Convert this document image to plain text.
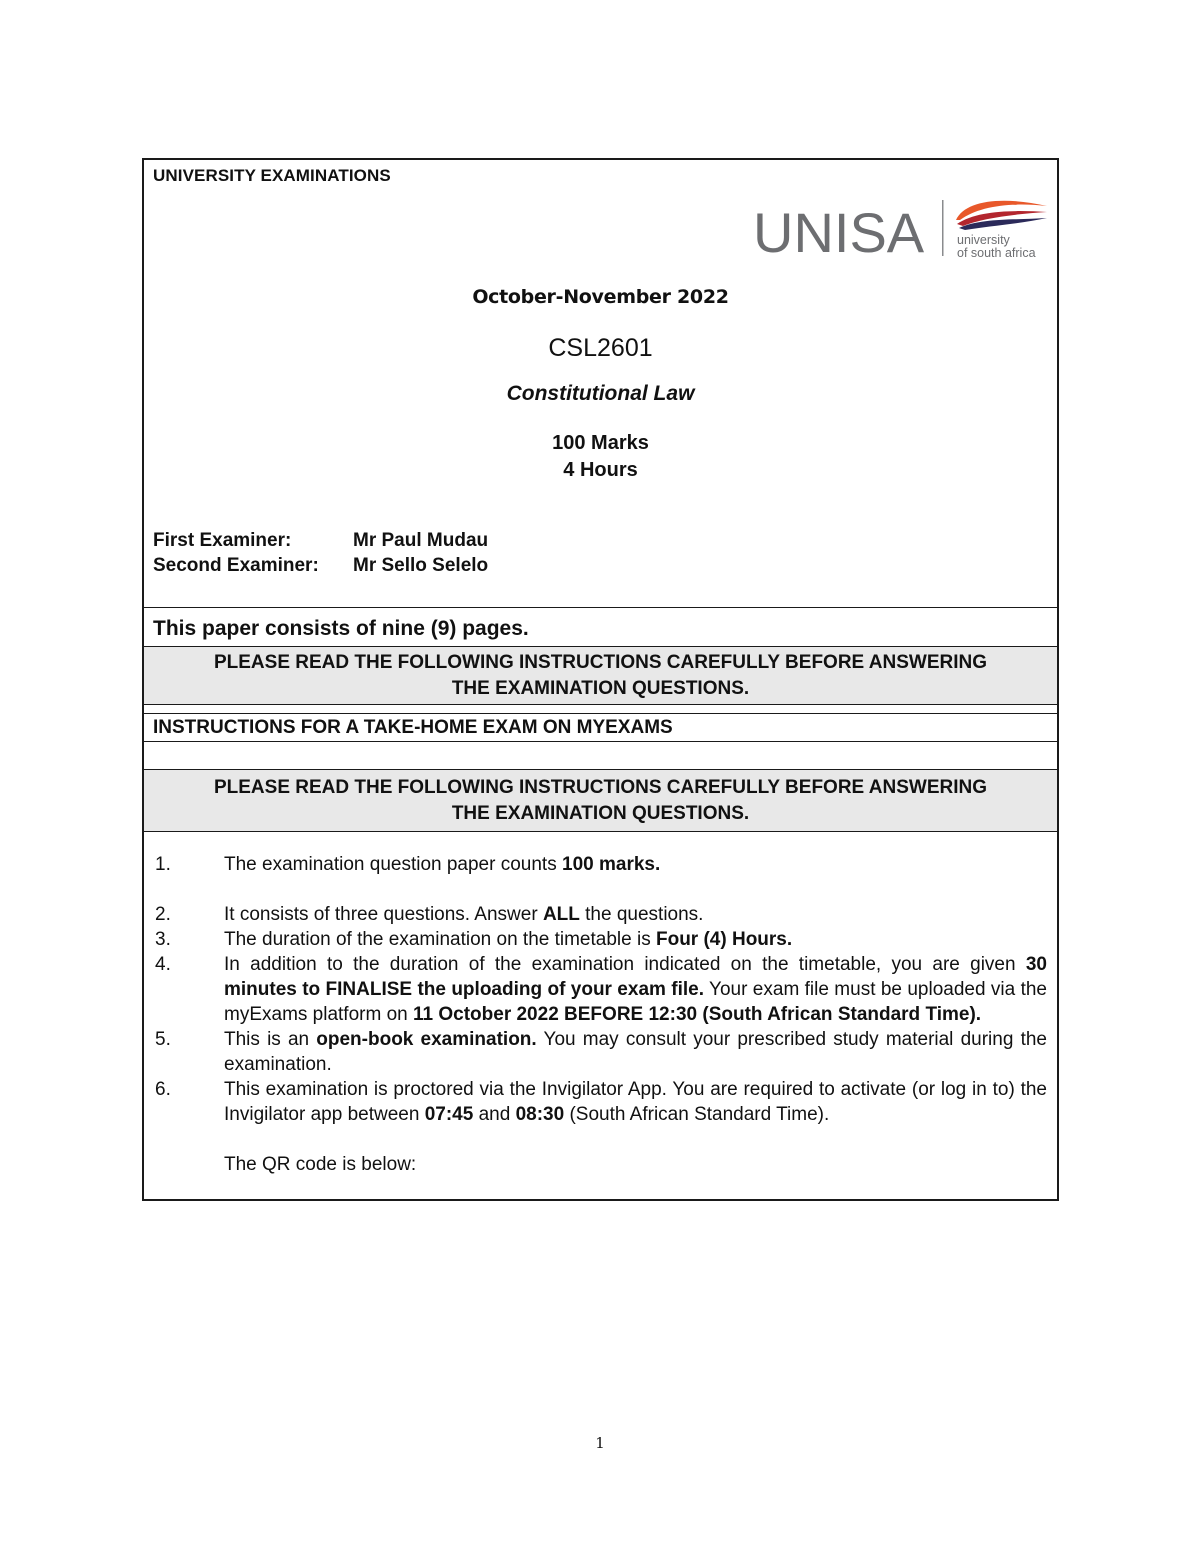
UNIVERSITY EXAMINATIONS
UNISA	university
of south africa
October-November 2022
CSL2601
Constitutional Law
100 Marks
4 Hours
First Examiner:	Mr Paul Mudau
Second Examiner: Mr Sello Selelo
This paper consists of nine (9) pages.
PLEASE READ THE FOLLOWING INSTRUCTIONS CAREFULLY BEFORE ANSWERING
THE EXAMINATION QUESTIONS.
INSTRUCTIONS FOR A TAKE-HOME EXAM ON MYEXAMS
PLEASE READ THE FOLLOWING INSTRUCTIONS CAREFULLY BEFORE ANSWERING
THE EXAMINATION QUESTIONS.
1.	The examination question paper counts 100 marks.
2.	It consists of three questions. Answer ALL the questions.
3.	The duration of the examination on the timetable is Four (4) Hours.
4.	In addition to the duration of the examination indicated on the timetable, you are given 30 minutes to FINALISE the uploading of your exam file. Your exam file must be uploaded via the myExams platform on 11 October 2022 BEFORE 12:30 (South African Standard Time).
5.	This is an open-book examination. You may consult your prescribed study material during the examination.
6.	This examination is proctored via the Invigilator App. You are required to activate (or log in to) the Invigilator app between 07:45 and 08:30 (South African Standard Time).
The QR code is below:
1
